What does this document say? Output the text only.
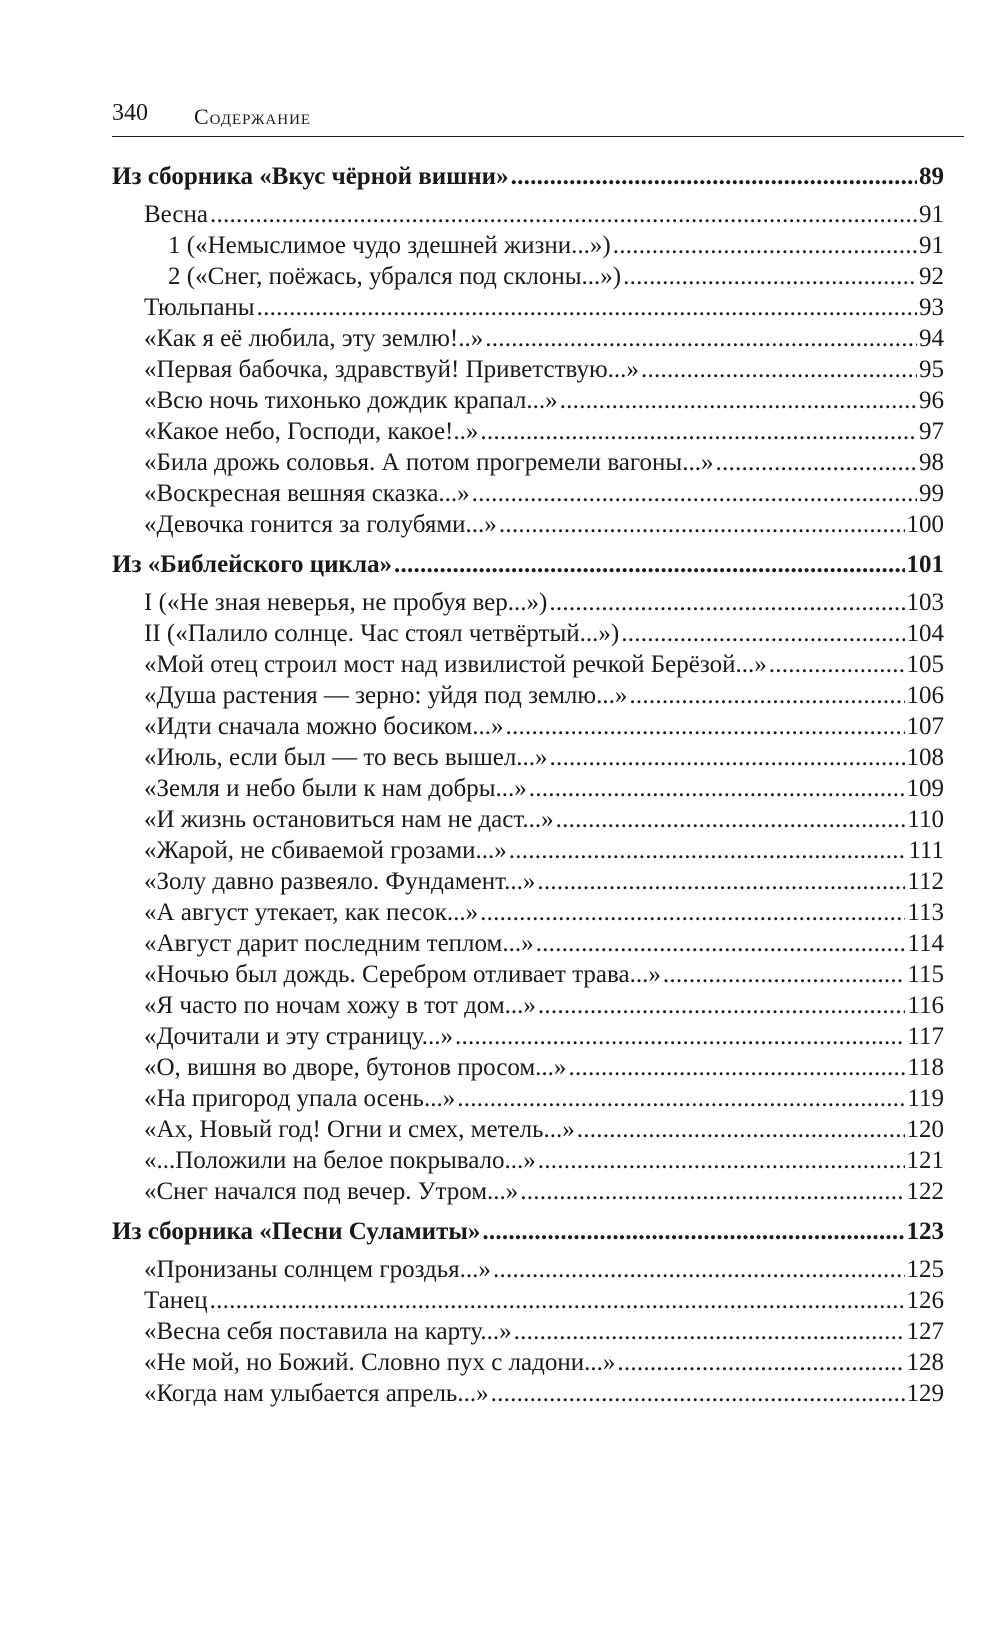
340 Содержание
Из сборника «Вкус чёрной вишни» . . .	89
Весна . . .	91
1 («Немыслимое чудо здешней жизни...») . . .	91
2 («Снег, поёжась, убрался под склоны...») . . .	92
Тюльпаны . . .	93
«Как я её любила, эту землю!..» . . .	94
«Первая бабочка, здравствуй! Приветствую...» . . .	95
«Всю ночь тихонько дождик крапал...» . . .	96
«Какое небо, Господи, какое!..» . . .	97
«Била дрожь соловья. А потом прогремели вагоны...» . . .	98
«Воскресная вешняя сказка...» . . .	99
«Девочка гонится за голубями...» . . .	100
Из «Библейского цикла» . . .	101
I («Не зная неверья, не пробуя вер...») . . .	103
II («Палило солнце. Час стоял четвёртый...») . . .	104
«Мой отец строил мост над извилистой речкой Берёзой...» . . .	105
«Душа растения — зерно: уйдя под землю...» . . .	106
«Идти сначала можно босиком...» . . .	107
«Июль, если был — то весь вышел...» . . .	108
«Земля и небо были к нам добры...» . . .	109
«И жизнь остановиться нам не даст...» . . .	110
«Жарой, не сбиваемой грозами...» . . .	111
«Золу давно развеяло. Фундамент...» . . .	112
«А август утекает, как песок...» . . .	113
«Август дарит последним теплом...» . . .	114
«Ночью был дождь. Серебром отливает трава...» . . .	115
«Я часто по ночам хожу в тот дом...» . . .	116
«Дочитали и эту страницу...» . . .	117
«О, вишня во дворе, бутонов просом...» . . .	118
«На пригород упала осень...» . . .	119
«Ах, Новый год! Огни и смех, метель...» . . .	120
«...Положили на белое покрывало...» . . .	121
«Снег начался под вечер. Утром...» . . .	122
Из сборника «Песни Суламиты» . . .	123
«Пронизаны солнцем гроздья...» . . .	125
Танец . . .	126
«Весна себя поставила на карту...» . . .	127
«Не мой, но Божий. Словно пух с ладони...» . . .	128
«Когда нам улыбается апрель...» . . .	129
